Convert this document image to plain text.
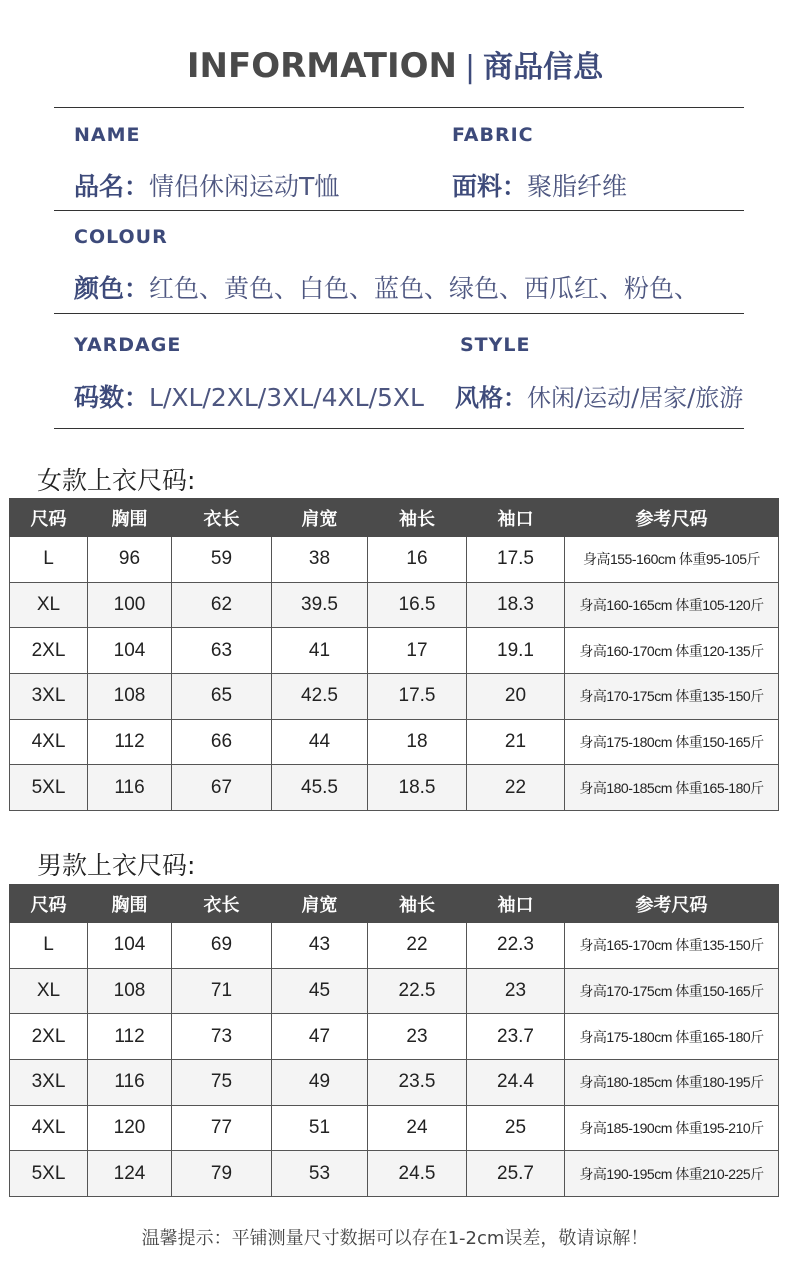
INFORMATION | 商品信息
NAME	FABRIC
品名：情侣休闲运动T恤	面料：聚脂纤维
COLOUR
颜色：红色、黄色、白色、蓝色、绿色、西瓜红、粉色、
YARDAGE	STYLE
码数：L/XL/2XL/3XL/4XL/5XL 风格：休闲/运动/居家/旅游
女款上衣尺码:
尺码	胸围	衣长	肩宽	袖长	袖口	参考尺码
L	96	59	38	16	17.5	身高155-160cm 体重95-105斤
XL	100	62	39.5	16.5	18.3	身高160-165cm 体重105-120斤
2XL	104	63	41	17	19.1	身高160-170cm 体重120-135斤
3XL	108	65	42.5	17.5	20	身高170-175cm 体重135-150斤
4XL	112	66	44	18	21	身高175-180cm 体重150-165斤
5XL	116	67	45.5	18.5	22	身高180-185cm 体重165-180斤
男款上衣尺码:
尺码	胸围	衣长	肩宽	袖长	袖口	参考尺码
L	104	69	43	22	22.3	身高165-170cm 体重135-150斤
XL	108	71	45	22.5	23	身高170-175cm 体重150-165斤
2XL	112	73	47	23	23.7	身高175-180cm 体重165-180斤
3XL	116	75	49	23.5	24.4	身高180-185cm 体重180-195斤
4XL	120	77	51	24	25	身高185-190cm 体重195-210斤
5XL	124	79	53	24.5	25.7	身高190-195cm 体重210-225斤
温馨提示：平铺测量尺寸数据可以存在1-2cm误差，敬请谅解！
